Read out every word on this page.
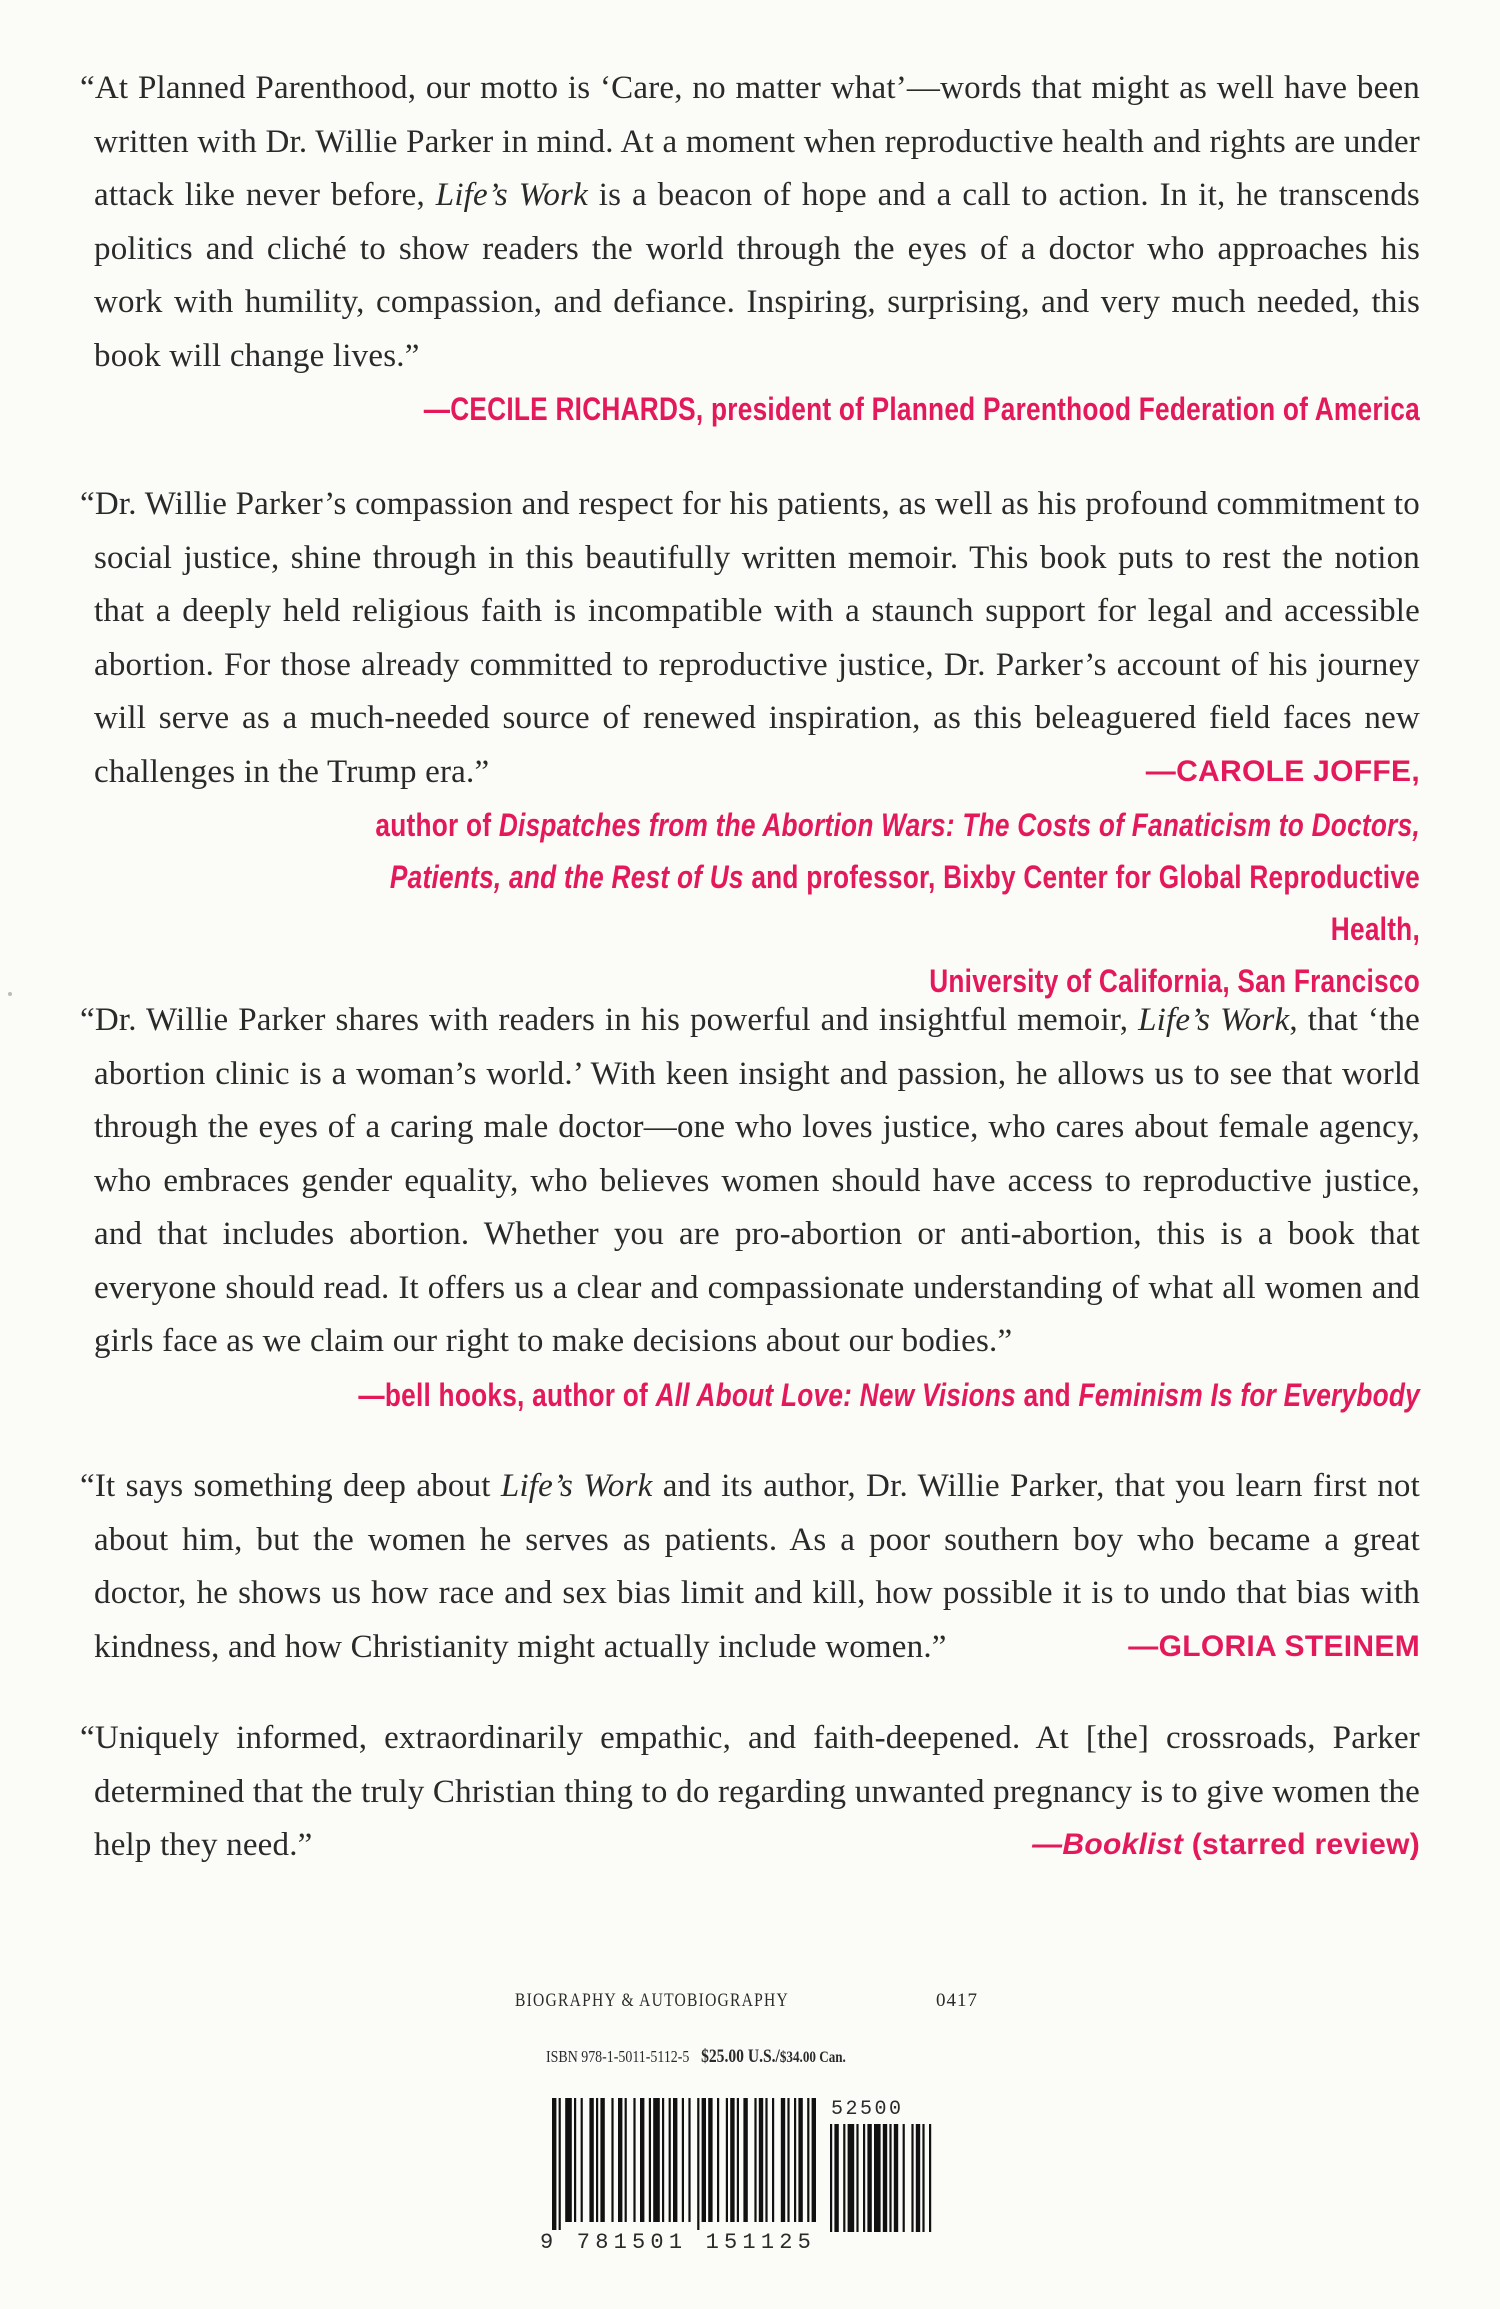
“At Planned Parenthood, our motto is ‘Care, no matter what’—words that might as well have been written with Dr. Willie Parker in mind. At a moment when reproductive health and rights are under attack like never before, Life’s Work is a beacon of hope and a call to action. In it, he transcends politics and cliché to show readers the world through the eyes of a doctor who approaches his work with humility, compassion, and defiance. Inspiring, surprising, and very much needed, this book will change lives.”

—CECILE RICHARDS, president of Planned Parenthood Federation of America

“Dr. Willie Parker’s compassion and respect for his patients, as well as his profound commitment to social justice, shine through in this beautifully written memoir. This book puts to rest the notion that a deeply held religious faith is incompatible with a staunch support for legal and accessible abortion. For those already committed to reproductive justice, Dr. Parker’s account of his journey will serve as a much-needed source of renewed inspiration, as this beleaguered field faces new challenges in the Trump era.”	—CAROLE JOFFE,

author of Dispatches from the Abortion Wars: The Costs of Fanaticism to Doctors, Patients, and the Rest of Us and professor, Bixby Center for Global Reproductive Health,
University of California, San Francisco

“Dr. Willie Parker shares with readers in his powerful and insightful memoir, Life’s Work, that ‘the abortion clinic is a woman’s world.’ With keen insight and passion, he allows us to see that world through the eyes of a caring male doctor—one who loves justice, who cares about female agency, who embraces gender equality, who believes women should have access to reproductive justice, and that includes abortion. Whether you are pro-abortion or anti-abortion, this is a book that everyone should read. It offers us a clear and compassionate understanding of what all women and girls face as we claim our right to make decisions about our bodies.”

—bell hooks, author of All About Love: New Visions and Feminism Is for Everybody

“It says something deep about Life’s Work and its author, Dr. Willie Parker, that you learn first not about him, but the women he serves as patients. As a poor southern boy who became a great doctor, he shows us how race and sex bias limit and kill, how possible it is to undo that bias with kindness, and how Christianity might actually include women.”	—GLORIA STEINEM

“Uniquely informed, extraordinarily empathic, and faith-deepened. At [the] crossroads, Parker determined that the truly Christian thing to do regarding unwanted pregnancy is to give women the help they need.”	—Booklist (starred review)

BIOGRAPHY & AUTOBIOGRAPHY	0417
ISBN 978-1-5011-5112-5 $25.00 U.S./$34.00 Can.
9 781501 151125
52500
